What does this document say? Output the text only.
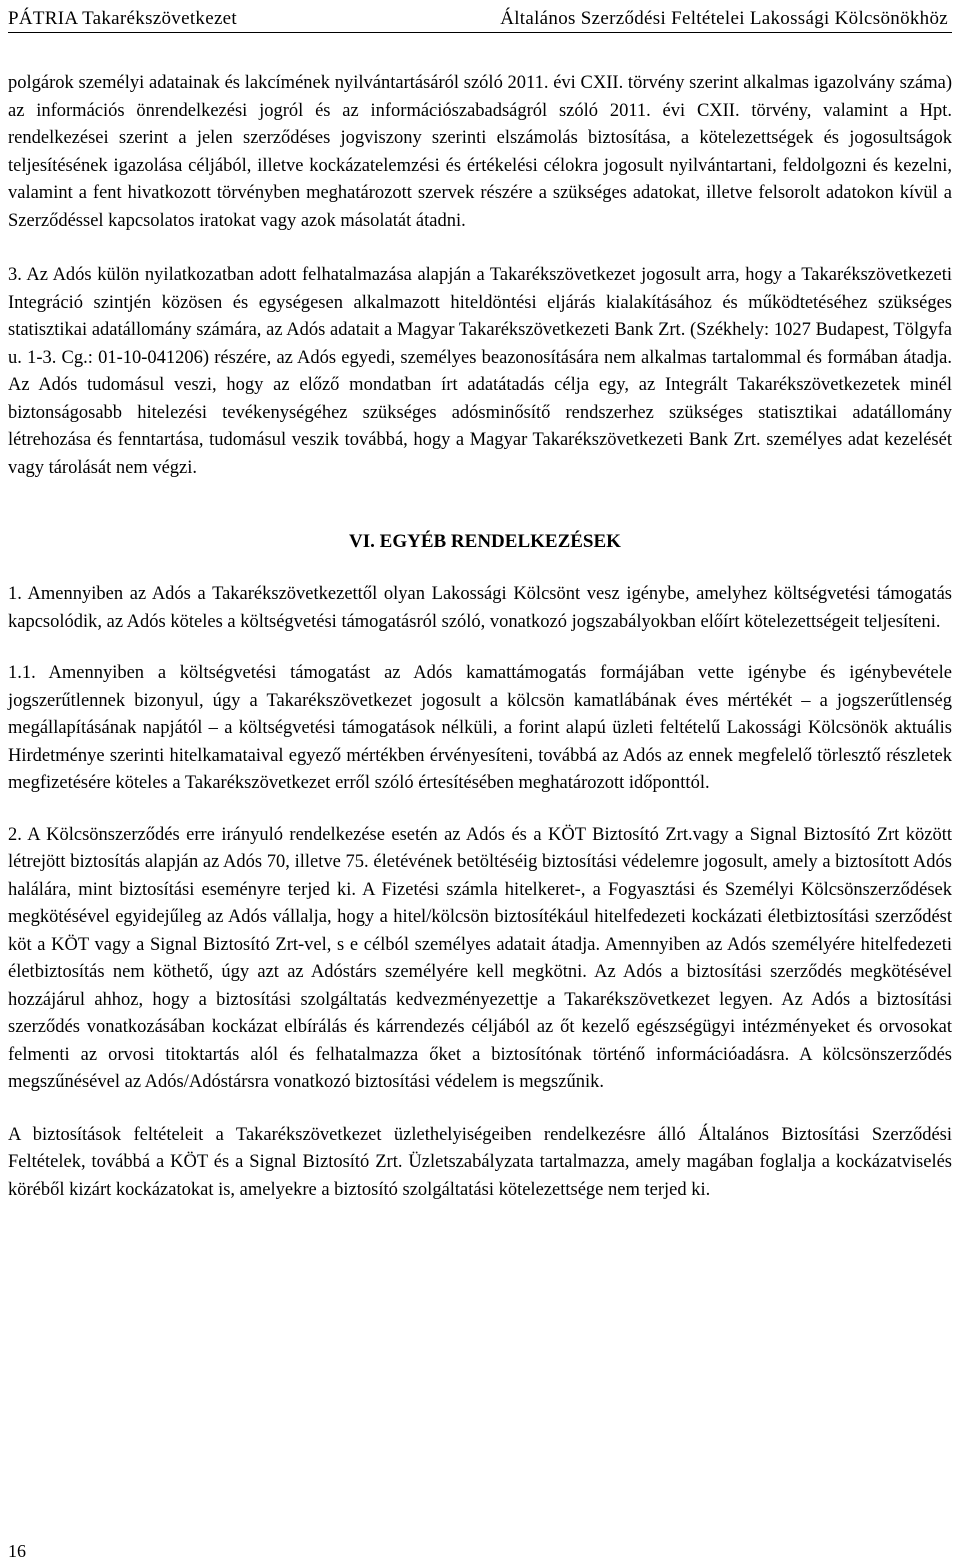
PÁTRIA Takarékszövetkezet	Általános Szerződési Feltételei Lakossági Kölcsönökhöz

polgárok személyi adatainak és lakcímének nyilvántartásáról szóló 2011. évi CXII. törvény szerint alkalmas igazolvány száma) az információs önrendelkezési jogról és az információszabadságról szóló 2011. évi CXII. törvény, valamint a Hpt. rendelkezései szerint a jelen szerződéses jogviszony szerinti elszámolás biztosítása, a kötelezettségek és jogosultságok teljesítésének igazolása céljából, illetve kockázatelemzési és értékelési célokra jogosult nyilvántartani, feldolgozni és kezelni, valamint a fent hivatkozott törvényben meghatározott szervek részére a szükséges adatokat, illetve felsorolt adatokon kívül a Szerződéssel kapcsolatos iratokat vagy azok másolatát átadni.

3. Az Adós külön nyilatkozatban adott felhatalmazása alapján a Takarékszövetkezet jogosult arra, hogy a Takarékszövetkezeti Integráció szintjén közösen és egységesen alkalmazott hiteldöntési eljárás kialakításához és működtetéséhez szükséges statisztikai adatállomány számára, az Adós adatait a Magyar Takarékszövetkezeti Bank Zrt. (Székhely: 1027 Budapest, Tölgyfa u. 1-3. Cg.: 01-10-041206) részére, az Adós egyedi, személyes beazonosítására nem alkalmas tartalommal és formában átadja. Az Adós tudomásul veszi, hogy az előző mondatban írt adatátadás célja egy, az Integrált Takarékszövetkezetek minél biztonságosabb hitelezési tevékenységéhez szükséges adósminősítő rendszerhez szükséges statisztikai adatállomány létrehozása és fenntartása, tudomásul veszik továbbá, hogy a Magyar Takarékszövetkezeti Bank Zrt. személyes adat kezelését vagy tárolását nem végzi.

VI. EGYÉB RENDELKEZÉSEK

1. Amennyiben az Adós a Takarékszövetkezettől olyan Lakossági Kölcsönt vesz igénybe, amelyhez költségvetési támogatás kapcsolódik, az Adós köteles a költségvetési támogatásról szóló, vonatkozó jogszabályokban előírt kötelezettségeit teljesíteni.

1.1. Amennyiben a költségvetési támogatást az Adós kamattámogatás formájában vette igénybe és igénybevétele jogszerűtlennek bizonyul, úgy a Takarékszövetkezet jogosult a kölcsön kamatlábának éves mértékét – a jogszerűtlenség megállapításának napjától – a költségvetési támogatások nélküli, a forint alapú üzleti feltételű Lakossági Kölcsönök aktuális Hirdetménye szerinti hitelkamataival egyező mértékben érvényesíteni, továbbá az Adós az ennek megfelelő törlesztő részletek megfizetésére köteles a Takarékszövetkezet erről szóló értesítésében meghatározott időponttól.

2. A Kölcsönszerződés erre irányuló rendelkezése esetén az Adós és a KÖT Biztosító Zrt.vagy a Signal Biztosító Zrt között létrejött biztosítás alapján az Adós 70, illetve 75. életévének betöltéséig biztosítási védelemre jogosult, amely a biztosított Adós halálára, mint biztosítási eseményre terjed ki. A Fizetési számla hitelkeret-, a Fogyasztási és Személyi Kölcsönszerződések megkötésével egyidejűleg az Adós vállalja, hogy a hitel/kölcsön biztosítékául hitelfedezeti kockázati életbiztosítási szerződést köt a KÖT vagy a Signal Biztosító Zrt-vel, s e célból személyes adatait átadja. Amennyiben az Adós személyére hitelfedezeti életbiztosítás nem köthető, úgy azt az Adóstárs személyére kell megkötni. Az Adós a biztosítási szerződés megkötésével hozzájárul ahhoz, hogy a biztosítási szolgáltatás kedvezményezettje a Takarékszövetkezet legyen. Az Adós a biztosítási szerződés vonatkozásában kockázat elbírálás és kárrendezés céljából az őt kezelő egészségügyi intézményeket és orvosokat felmenti az orvosi titoktartás alól és felhatalmazza őket a biztosítónak történő információadásra. A kölcsönszerződés megszűnésével az Adós/Adóstársra vonatkozó biztosítási védelem is megszűnik.

A biztosítások feltételeit a Takarékszövetkezet üzlethelyiségeiben rendelkezésre álló Általános Biztosítási Szerződési Feltételek, továbbá a KÖT és a Signal Biztosító Zrt. Üzletszabályzata tartalmazza, amely magában foglalja a kockázatviselés köréből kizárt kockázatokat is, amelyekre a biztosító szolgáltatási kötelezettsége nem terjed ki.

16
